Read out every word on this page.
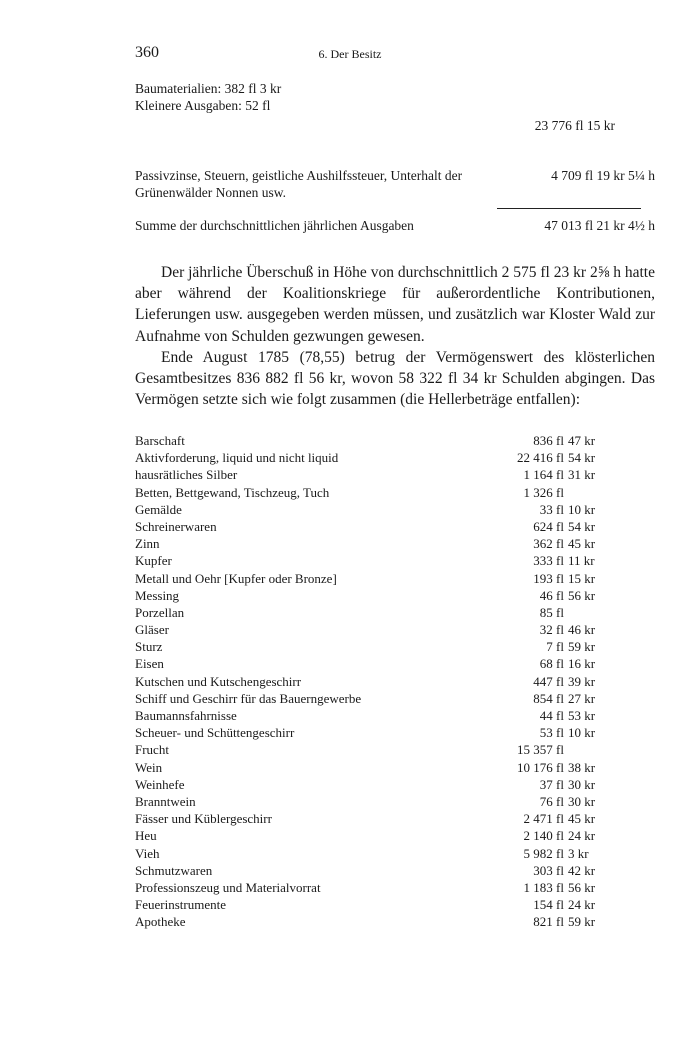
360	6. Der Besitz
Baumaterialien: 382 fl 3 kr
Kleinere Ausgaben: 52 fl
23 776 fl 15 kr
Passivzinse, Steuern, geistliche Aushilfssteuer, Unterhalt der Grünenwälder Nonnen usw.
4 709 fl 19 kr 5¼ h
Summe der durchschnittlichen jährlichen Ausgaben	47 013 fl 21 kr 4½ h

Der jährliche Überschuß in Höhe von durchschnittlich 2 575 fl 23 kr 2⅝ h hatte aber während der Koalitionskriege für außerordentliche Kontributionen, Lieferungen usw. ausgegeben werden müssen, und zusätzlich war Kloster Wald zur Aufnahme von Schulden gezwungen gewesen.

Ende August 1785 (78,55) betrug der Vermögenswert des klösterlichen Gesamtbesitzes 836 882 fl 56 kr, wovon 58 322 fl 34 kr Schulden abgingen. Das Vermögen setzte sich wie folgt zusammen (die Hellerbeträge entfallen):

Barschaft	836 fl 47 kr
Aktivforderung, liquid und nicht liquid	22 416 fl 54 kr
hausrätliches Silber	1 164 fl 31 kr
Betten, Bettgewand, Tischzeug, Tuch	1 326 fl
Gemälde	33 fl 10 kr
Schreinerwaren	624 fl 54 kr
Zinn	362 fl 45 kr
Kupfer	333 fl 11 kr
Metall und Oehr [Kupfer oder Bronze]	193 fl 15 kr
Messing	46 fl 56 kr
Porzellan	85 fl
Gläser	32 fl 46 kr
Sturz	7 fl 59 kr
Eisen	68 fl 16 kr
Kutschen und Kutschengeschirr	447 fl 39 kr
Schiff und Geschirr für das Bauerngewerbe	854 fl 27 kr
Baumannsfahrnisse	44 fl 53 kr
Scheuer- und Schüttengeschirr	53 fl 10 kr
Frucht	15 357 fl
Wein	10 176 fl 38 kr
Weinhefe	37 fl 30 kr
Branntwein	76 fl 30 kr
Fässer und Küblergeschirr	2 471 fl 45 kr
Heu	2 140 fl 24 kr
Vieh	5 982 fl 3 kr
Schmutzwaren	303 fl 42 kr
Professionszeug und Materialvorrat	1 183 fl 56 kr
Feuerinstrumente	154 fl 24 kr
Apotheke	821 fl 59 kr
